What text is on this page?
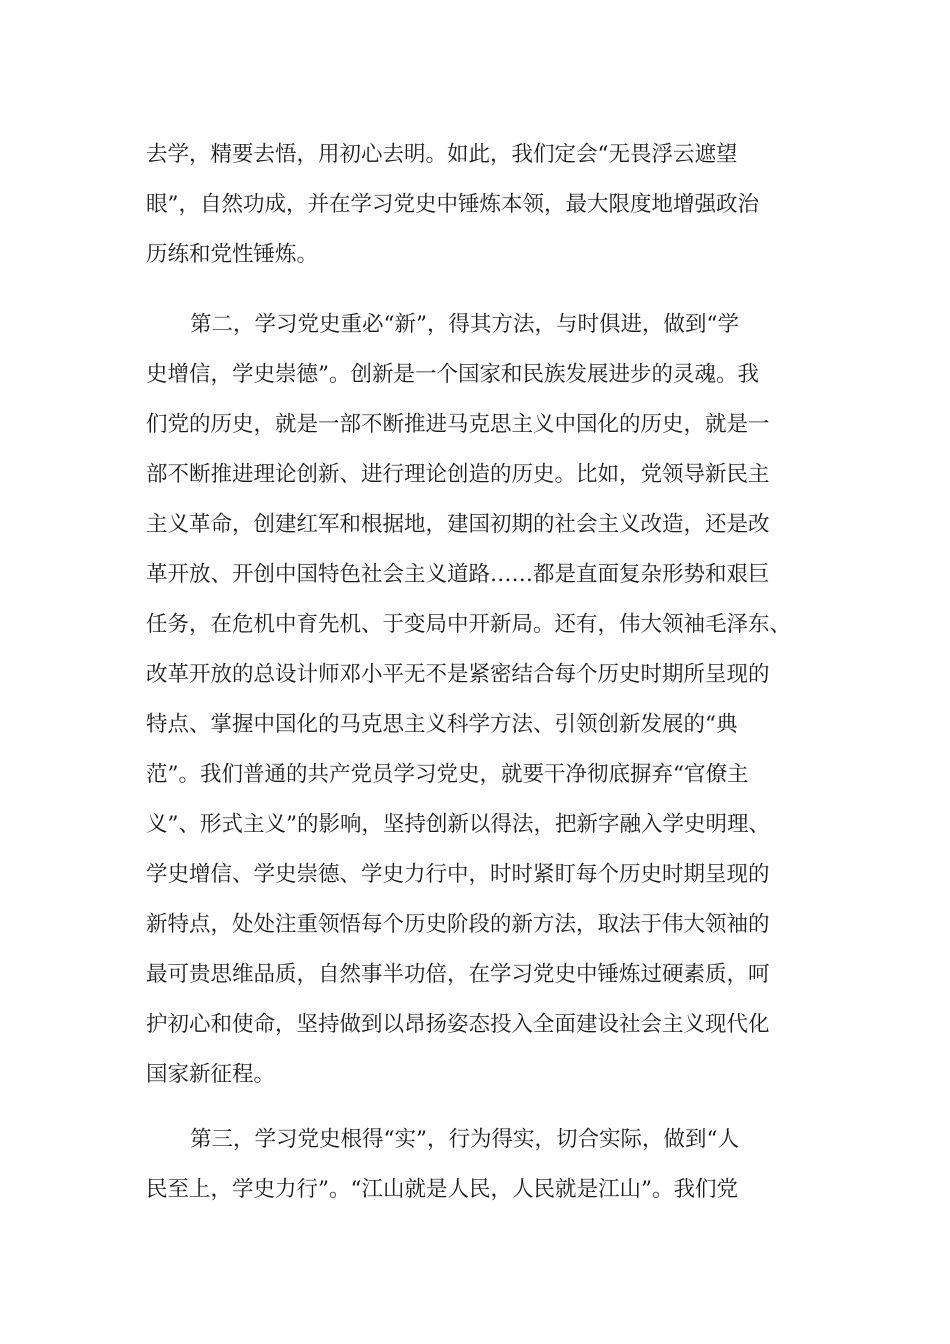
去学，精要去悟，用初心去明。如此，我们定会“无畏浮云遮望
眼”，自然功成，并在学习党史中锤炼本领，最大限度地增强政治
历练和党性锤炼。
第二，学习党史重必“新”，得其方法，与时俱进，做到“学
史增信，学史崇德”。创新是一个国家和民族发展进步的灵魂。我
们党的历史，就是一部不断推进马克思主义中国化的历史，就是一
部不断推进理论创新、进行理论创造的历史。比如，党领导新民主
主义革命，创建红军和根据地，建国初期的社会主义改造，还是改
革开放、开创中国特色社会主义道路……都是直面复杂形势和艰巨
任务，在危机中育先机、于变局中开新局。还有，伟大领袖毛泽东、
改革开放的总设计师邓小平无不是紧密结合每个历史时期所呈现的
特点、掌握中国化的马克思主义科学方法、引领创新发展的“典
范”。我们普通的共产党员学习党史，就要干净彻底摒弃“官僚主
义”、形式主义”的影响，坚持创新以得法，把新字融入学史明理、
学史增信、学史崇德、学史力行中，时时紧盯每个历史时期呈现的
新特点，处处注重领悟每个历史阶段的新方法，取法于伟大领袖的
最可贵思维品质，自然事半功倍，在学习党史中锤炼过硬素质，呵
护初心和使命，坚持做到以昂扬姿态投入全面建设社会主义现代化
国家新征程。
第三，学习党史根得“实”，行为得实，切合实际，做到“人
民至上，学史力行”。“江山就是人民，人民就是江山”。我们党
